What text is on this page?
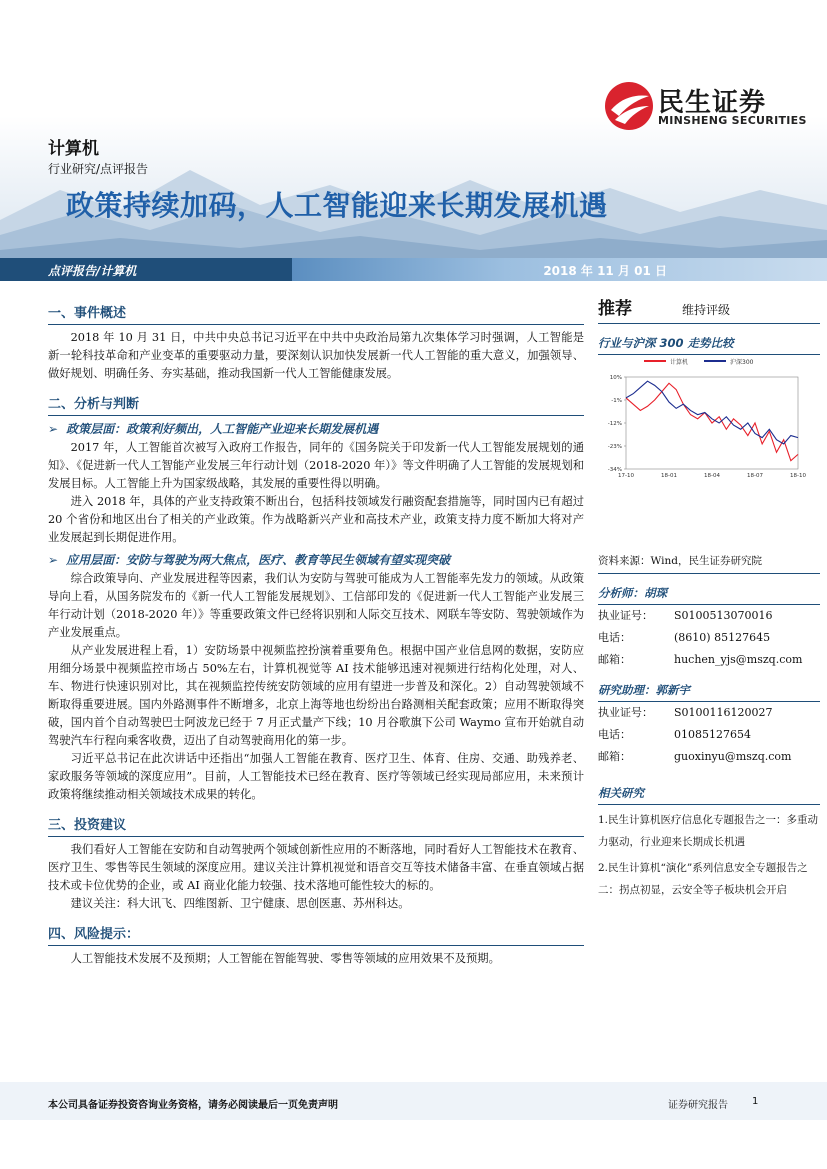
民生证券
MINSHENG SECURITIES
计算机
行业研究/点评报告
政策持续加码，人工智能迎来长期发展机遇
点评报告/计算机	2018 年 11 月 01 日
一、事件概述
2018 年 10 月 31 日，中共中央总书记习近平在中共中央政治局第九次集体学习时强调，人工智能是新一轮科技革命和产业变革的重要驱动力量，要深刻认识加快发展新一代人工智能的重大意义，加强领导、做好规划、明确任务、夯实基础，推动我国新一代人工智能健康发展。
二、分析与判断
➢ 政策层面：政策利好频出，人工智能产业迎来长期发展机遇
2017 年，人工智能首次被写入政府工作报告，同年的《国务院关于印发新一代人工智能发展规划的通知》、《促进新一代人工智能产业发展三年行动计划（2018-2020 年）》等文件明确了人工智能的发展规划和发展目标。人工智能上升为国家级战略，其发展的重要性得以明确。
进入 2018 年，具体的产业支持政策不断出台，包括科技领域发行融资配套措施等，同时国内已有超过 20 个省份和地区出台了相关的产业政策。作为战略新兴产业和高技术产业，政策支持力度不断加大将对产业发展起到长期促进作用。
➢ 应用层面：安防与驾驶为两大焦点，医疗、教育等民生领域有望实现突破
综合政策导向、产业发展进程等因素，我们认为安防与驾驶可能成为人工智能率先发力的领域。从政策导向上看，从国务院发布的《新一代人工智能发展规划》、工信部印发的《促进新一代人工智能产业发展三年行动计划（2018-2020 年）》等重要政策文件已经将识别和人际交互技术、网联车等安防、驾驶领域作为产业发展重点。
从产业发展进程上看，1）安防场景中视频监控扮演着重要角色。根据中国产业信息网的数据，安防应用细分场景中视频监控市场占 50%左右，计算机视觉等 AI 技术能够迅速对视频进行结构化处理，对人、车、物进行快速识别对比，其在视频监控传统安防领域的应用有望进一步普及和深化。2）自动驾驶领域不断取得重要进展。国内外路测事件不断增多，北京上海等地也纷纷出台路测相关配套政策；应用不断取得突破，国内首个自动驾驶巴士阿波龙已经于 7 月正式量产下线；10 月谷歌旗下公司 Waymo 宣布开始就自动驾驶汽车行程向乘客收费，迈出了自动驾驶商用化的第一步。
习近平总书记在此次讲话中还指出“加强人工智能在教育、医疗卫生、体育、住房、交通、助残养老、家政服务等领域的深度应用”。目前，人工智能技术已经在教育、医疗等领域已经实现局部应用，未来预计政策将继续推动相关领域技术成果的转化。
三、投资建议
我们看好人工智能在安防和自动驾驶两个领域创新性应用的不断落地，同时看好人工智能技术在教育、医疗卫生、零售等民生领域的深度应用。建议关注计算机视觉和语音交互等技术储备丰富、在垂直领域占据技术或卡位优势的企业，或 AI 商业化能力较强、技术落地可能性较大的标的。
建议关注：科大讯飞、四维图新、卫宁健康、思创医惠、苏州科达。
四、风险提示：
人工智能技术发展不及预期；人工智能在智能驾驶、零售等领域的应用效果不及预期。
推荐	维持评级
行业与沪深 300 走势比较
计算机	沪深300
10%
-1%
-12%
-23%
-34%
17-10	18-01	18-04	18-07	18-10
资料来源：Wind，民生证券研究院
分析师：胡琛
执业证号：	S0100513070016
电话：	(8610) 85127645
邮箱：	huchen_yjs@mszq.com
研究助理：郭新宇
执业证号：	S0100116120027
电话：	01085127654
邮箱：	guoxinyu@mszq.com
相关研究
1.民生计算机医疗信息化专题报告之一：多重动力驱动，行业迎来长期成长机遇
2.民生计算机“演化”系列信息安全专题报告之二：拐点初显，云安全等子板块机会开启
本公司具备证券投资咨询业务资格，请务必阅读最后一页免责声明	证券研究报告 1
